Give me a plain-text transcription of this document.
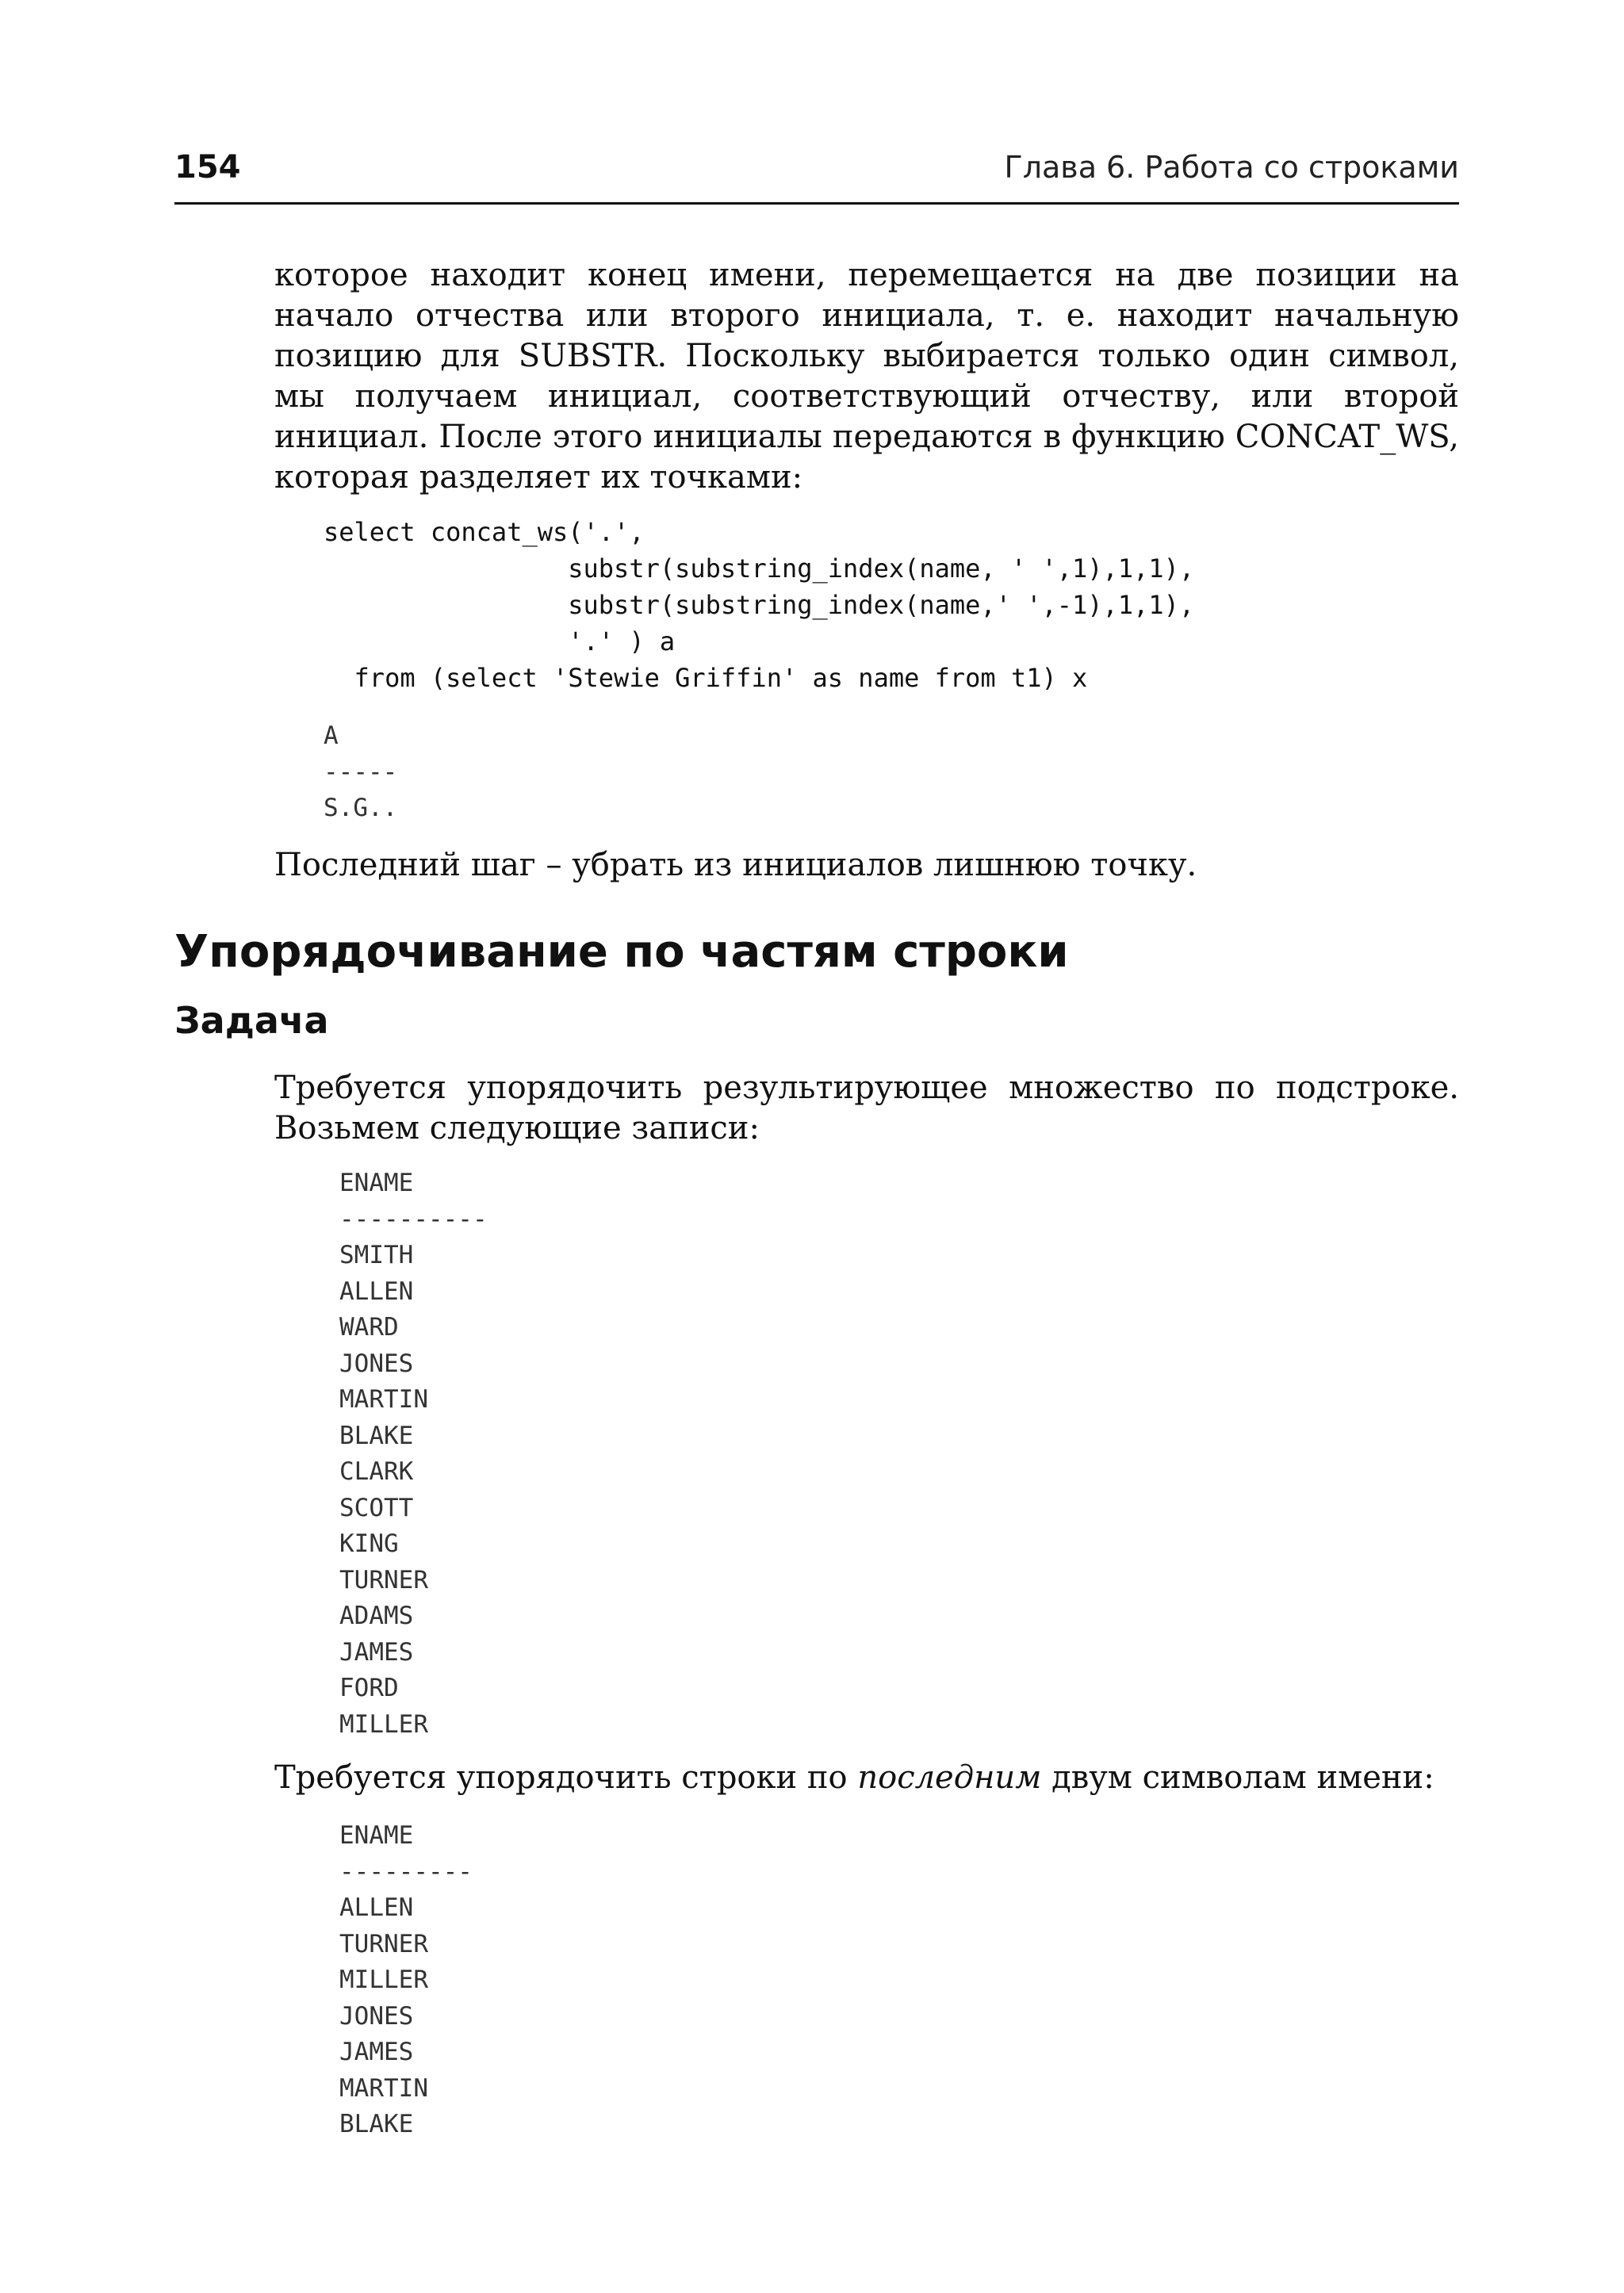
154	Глава 6. Работа со строками

которое находит конец имени, перемещается на две позиции на начало отчества или второго инициала, т. е. находит начальную позицию для SUBSTR. Поскольку выбирается только один символ, мы получаем инициал, соответствующий отчеству, или второй инициал. После этого инициалы передаются в функцию CONCAT_WS, которая разделяет их точками:

select concat_ws('.',
substr(substring_index(name, ' ',1),1,1),
substr(substring_index(name,' ',-1),1,1),
'.' ) a
from (select 'Stewie Griffin' as name from t1) x
A
-----
S.G..

Последний шаг – убрать из инициалов лишнюю точку.

Упорядочивание по частям строки
Задача

Требуется упорядочить результирующее множество по подстроке. Возьмем следующие записи:

ENAME
----------
SMITH
ALLEN
WARD
JONES
MARTIN
BLAKE
CLARK
SCOTT
KING
TURNER
ADAMS
JAMES
FORD
MILLER

Требуется упорядочить строки по последним двум символам имени:

ENAME
---------
ALLEN
TURNER
MILLER
JONES
JAMES
MARTIN
BLAKE
